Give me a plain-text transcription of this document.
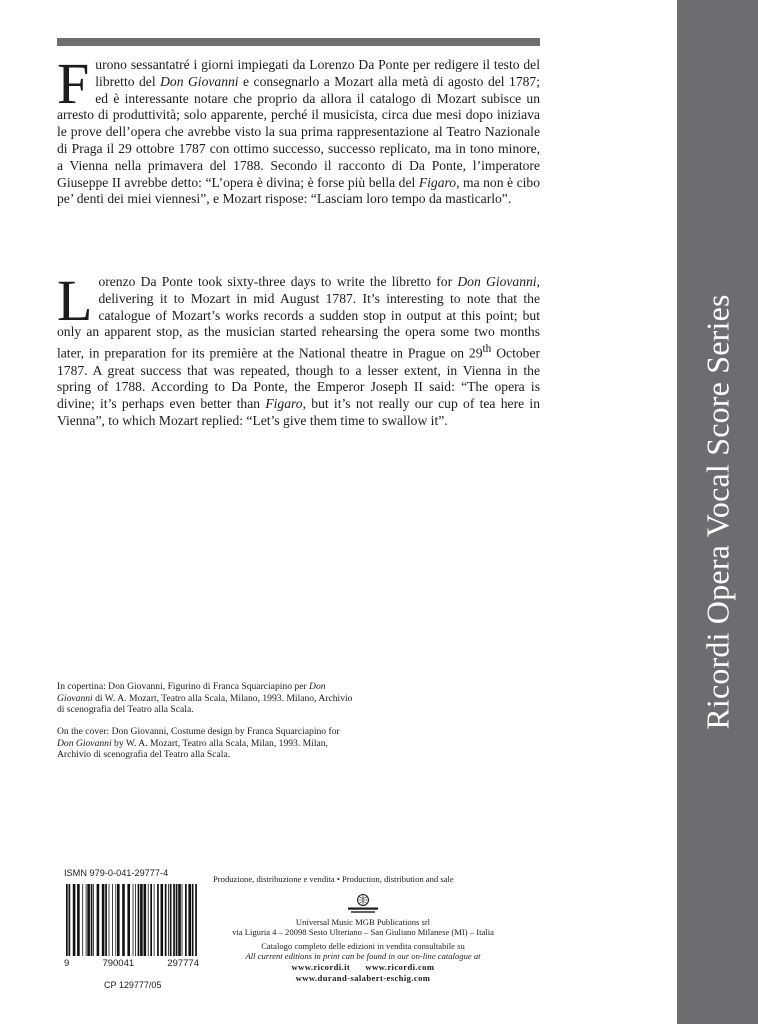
Furono sessantatré i giorni impiegati da Lorenzo Da Ponte per redigere il testo del libretto del Don Giovanni e consegnarlo a Mozart alla metà di agosto del 1787; ed è interessante notare che proprio da allora il catalogo di Mozart subisce un arresto di produttività; solo apparente, perché il musicista, circa due mesi dopo iniziava le prove dell’opera che avrebbe visto la sua prima rappresentazione al Teatro Nazionale di Praga il 29 ottobre 1787 con ottimo successo, successo replicato, ma in tono minore, a Vienna nella primavera del 1788. Secondo il racconto di Da Ponte, l’imperatore Giuseppe II avrebbe detto: “L’opera è divina; è forse più bella del Figaro, ma non è cibo pe’ denti dei miei viennesi”, e Mozart rispose: “Lasciam loro tempo da masticarlo”.

Lorenzo Da Ponte took sixty-three days to write the libretto for Don Giovanni, delivering it to Mozart in mid August 1787. It’s interesting to note that the catalogue of Mozart’s works records a sudden stop in output at this point; but only an apparent stop, as the musician started rehearsing the opera some two months later, in preparation for its première at the National theatre in Prague on 29th October 1787. A great success that was repeated, though to a lesser extent, in Vienna in the spring of 1788. According to Da Ponte, the Emperor Joseph II said: “The opera is divine; it’s perhaps even better than Figaro, but it’s not really our cup of tea here in Vienna”, to which Mozart replied: “Let’s give them time to swallow it”.

In copertina: Don Giovanni, Figurino di Franca Squarciapino per Don Giovanni di W. A. Mozart, Teatro alla Scala, Milano, 1993. Milano, Archivio di scenografia del Teatro alla Scala.

On the cover: Don Giovanni, Costume design by Franca Squarciapino for Don Giovanni by W. A. Mozart, Teatro alla Scala, Milan, 1993. Milan, Archivio di scenografia del Teatro alla Scala.

ISMN 979-0-041-29777-4
9	790041	297774
CP 129777/05
Produzione, distribuzione e vendita • Production, distribution and sale
Universal Music MGB Publications srl
via Liguria 4 – 20098 Sesto Ulteriano – San Giuliano Milanese (MI) – Italia
Catalogo completo delle edizioni in vendita consultabile su
All current editions in print can be found in our on-line catalogue at
www.ricordi.it      www.ricordi.com
www.durand-salabert-eschig.com
Ricordi Opera Vocal Score Series
